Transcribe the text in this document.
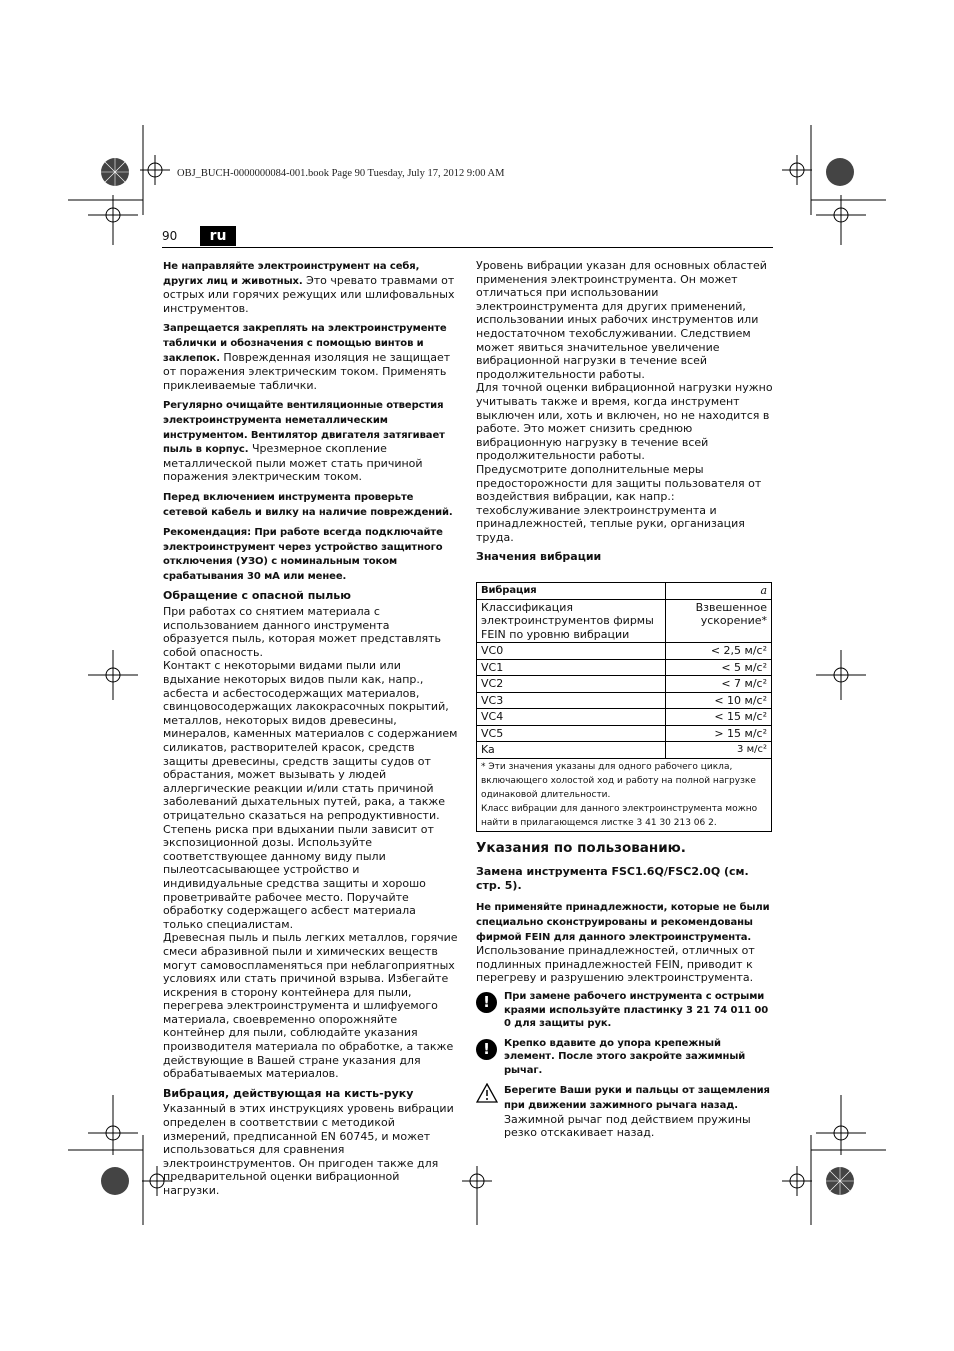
OBJ_BUCH-0000000084-001.book Page 90 Tuesday, July 17, 2012 9:00 AM
90	ru

Не направляйте электроинструмент на себя, других лиц и животных. Это чревато травмами от острых или горячих режущих или шлифовальных инструментов.

Запрещается закреплять на электроинструменте таблички и обозначения с помощью винтов и заклепок. Поврежденная изоляция не защищает от поражения электрическим током. Применять приклеиваемые таблички.

Регулярно очищайте вентиляционные отверстия электроинструмента неметаллическим инструментом. Вентилятор двигателя затягивает пыль в корпус. Чрезмерное скопление металлической пыли может стать причиной поражения электрическим током.

Перед включением инструмента проверьте сетевой кабель и вилку на наличие повреждений.

Рекомендация: При работе всегда подключайте электроинструмент через устройство защитного отключения (УЗО) с номинальным током срабатывания 30 мА или менее.

Обращение с опасной пылью
При работах со снятием материала с использованием данного инструмента образуется пыль, которая может представлять собой опасность.
Контакт с некоторыми видами пыли или вдыхание некоторых видов пыли как, напр., асбеста и асбестосодержащих материалов, свинцовосодержащих лакокрасочных покрытий, металлов, некоторых видов древесины, минералов, каменных материалов с содержанием силикатов, растворителей красок, средств защиты древесины, средств защиты судов от обрастания, может вызывать у людей аллергические реакции и/или стать причиной заболеваний дыхательных путей, рака, а также отрицательно сказаться на репродуктивности. Степень риска при вдыхании пыли зависит от экспозиционной дозы. Используйте соответствующее данному виду пыли пылеотсасывающее устройство и индивидуальные средства защиты и хорошо проветривайте рабочее место. Поручайте обработку содержащего асбест материала только специалистам.
Древесная пыль и пыль легких металлов, горячие смеси абразивной пыли и химических веществ могут самовоспламеняться при неблагоприятных условиях или стать причиной взрыва. Избегайте искрения в сторону контейнера для пыли, перегрева электроинструмента и шлифуемого материала, своевременно опорожняйте контейнер для пыли, соблюдайте указания производителя материала по обработке, а также действующие в Вашей стране указания для обрабатываемых материалов.
Вибрация, действующая на кисть-руку
Указанный в этих инструкциях уровень вибрации определен в соответствии с методикой измерений, предписанной EN 60745, и может использоваться для сравнения электроинструментов. Он пригоден также для предварительной оценки вибрационной нагрузки.
Уровень вибрации указан для основных областей применения электроинструмента. Он может отличаться при использовании электроинструмента для других применений, использовании иных рабочих инструментов или недостаточном техобслуживании. Следствием может явиться значительное увеличение вибрационной нагрузки в течение всей продолжительности работы.
Для точной оценки вибрационной нагрузки нужно учитывать также и время, когда инструмент выключен или, хоть и включен, но не находится в работе. Это может снизить среднюю вибрационную нагрузку в течение всей продолжительности работы.
Предусмотрите дополнительные меры предосторожности для защиты пользователя от воздействия вибрации, как напр.: техобслуживание электроинструмента и принадлежностей, теплые руки, организация труда.
Значения вибрации
Вибрация	a
Классификация электроинструментов фирмы FEIN по уровню вибрации	Взвешенное ускорение*
VC0	< 2,5 м/с²
VC1	< 5 м/с²
VC2	< 7 м/с²
VC3	< 10 м/с²
VC4	< 15 м/с²
VC5	> 15 м/с²
Ka	3 м/с²

* Эти значения указаны для одного рабочего цикла, включающего холостой ход и работу на полной нагрузке одинаковой длительности.
Класс вибрации для данного электроинструмента можно найти в прилагающемся листке 3 41 30 213 06 2.	
Указания по пользованию.
Замена инструмента FSC1.6Q/FSC2.0Q (см. стр. 5).

Не применяйте принадлежности, которые не были специально сконструированы и рекомендованы фирмой FEIN для данного электроинструмента. Использование принадлежностей, отличных от подлинных принадлежностей FEIN, приводит к перегреву и разрушению электроинструмента.

!	При замене рабочего инструмента с острыми краями используйте пластинку 3 21 74 011 00 0 для защиты рук.
!	Крепко вдавите до упора крепежный элемент. После этого закройте зажимный рычаг.
Берегите Ваши руки и пальцы от защемления при движении зажимного рычага назад. Зажимной рычаг под действием пружины резко отскакивает назад.
